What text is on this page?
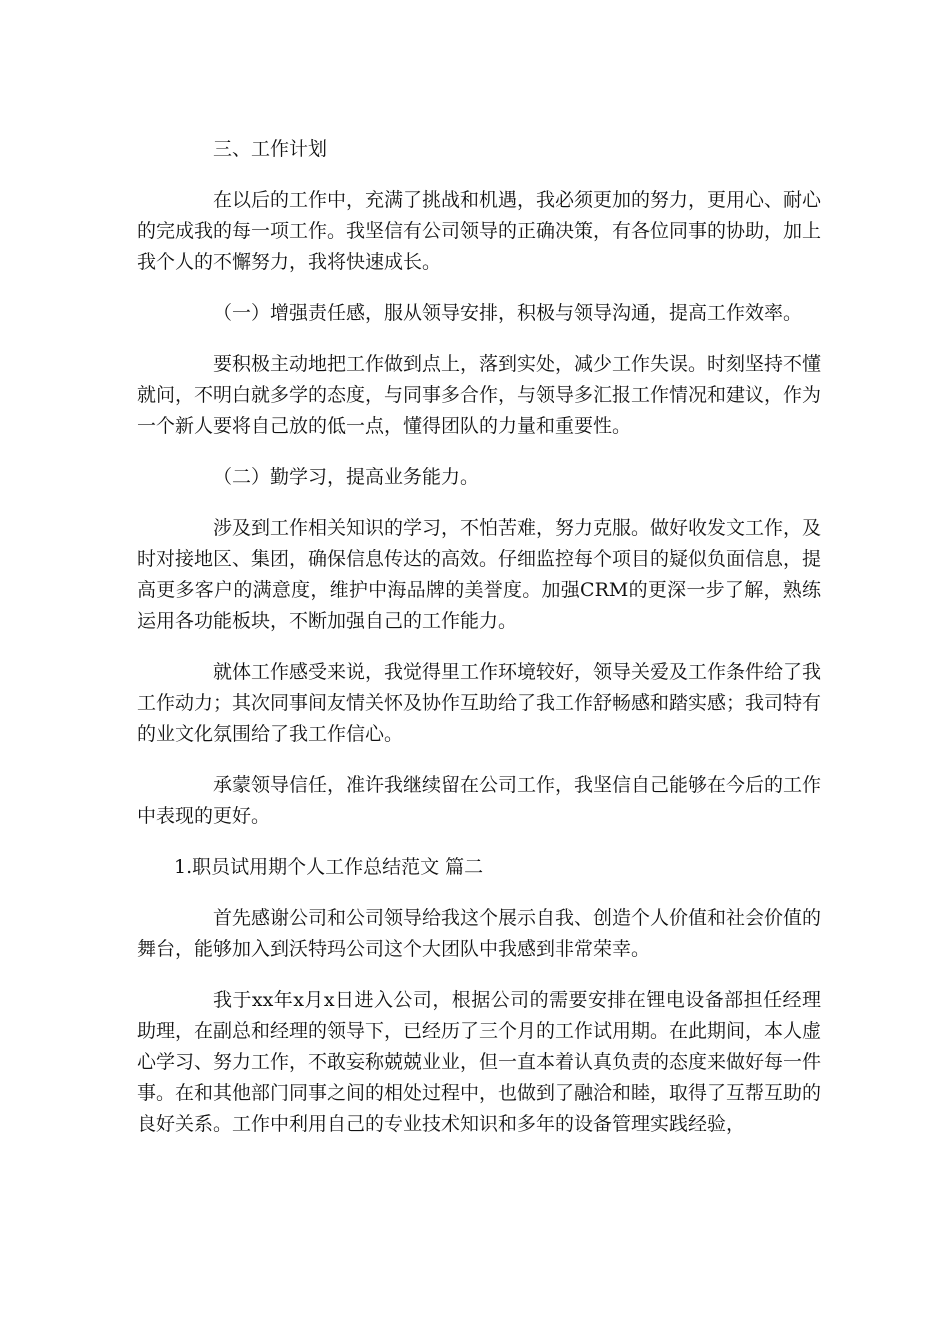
三、工作计划

在以后的工作中，充满了挑战和机遇，我必须更加的努力，更用心、耐心的完成我的每一项工作。我坚信有公司领导的正确决策，有各位同事的协助，加上我个人的不懈努力，我将快速成长。

（一）增强责任感，服从领导安排，积极与领导沟通，提高工作效率。

要积极主动地把工作做到点上，落到实处，减少工作失误。时刻坚持不懂就问，不明白就多学的态度，与同事多合作，与领导多汇报工作情况和建议，作为一个新人要将自己放的低一点，懂得团队的力量和重要性。

（二）勤学习，提高业务能力。

涉及到工作相关知识的学习，不怕苦难，努力克服。做好收发文工作，及时对接地区、集团，确保信息传达的高效。仔细监控每个项目的疑似负面信息，提高更多客户的满意度，维护中海品牌的美誉度。加强CRM的更深一步了解，熟练运用各功能板块，不断加强自己的工作能力。

就体工作感受来说，我觉得里工作环境较好，领导关爱及工作条件给了我工作动力；其次同事间友情关怀及协作互助给了我工作舒畅感和踏实感；我司特有的业文化氛围给了我工作信心。

承蒙领导信任，准许我继续留在公司工作，我坚信自己能够在今后的工作中表现的更好。

1.职员试用期个人工作总结范文 篇二

首先感谢公司和公司领导给我这个展示自我、创造个人价值和社会价值的舞台，能够加入到沃特玛公司这个大团队中我感到非常荣幸。

我于xx年x月x日进入公司，根据公司的需要安排在锂电设备部担任经理助理，在副总和经理的领导下，已经历了三个月的工作试用期。在此期间，本人虚心学习、努力工作，不敢妄称兢兢业业，但一直本着认真负责的态度来做好每一件事。在和其他部门同事之间的相处过程中，也做到了融洽和睦，取得了互帮互助的良好关系。工作中利用自己的专业技术知识和多年的设备管理实践经验，
